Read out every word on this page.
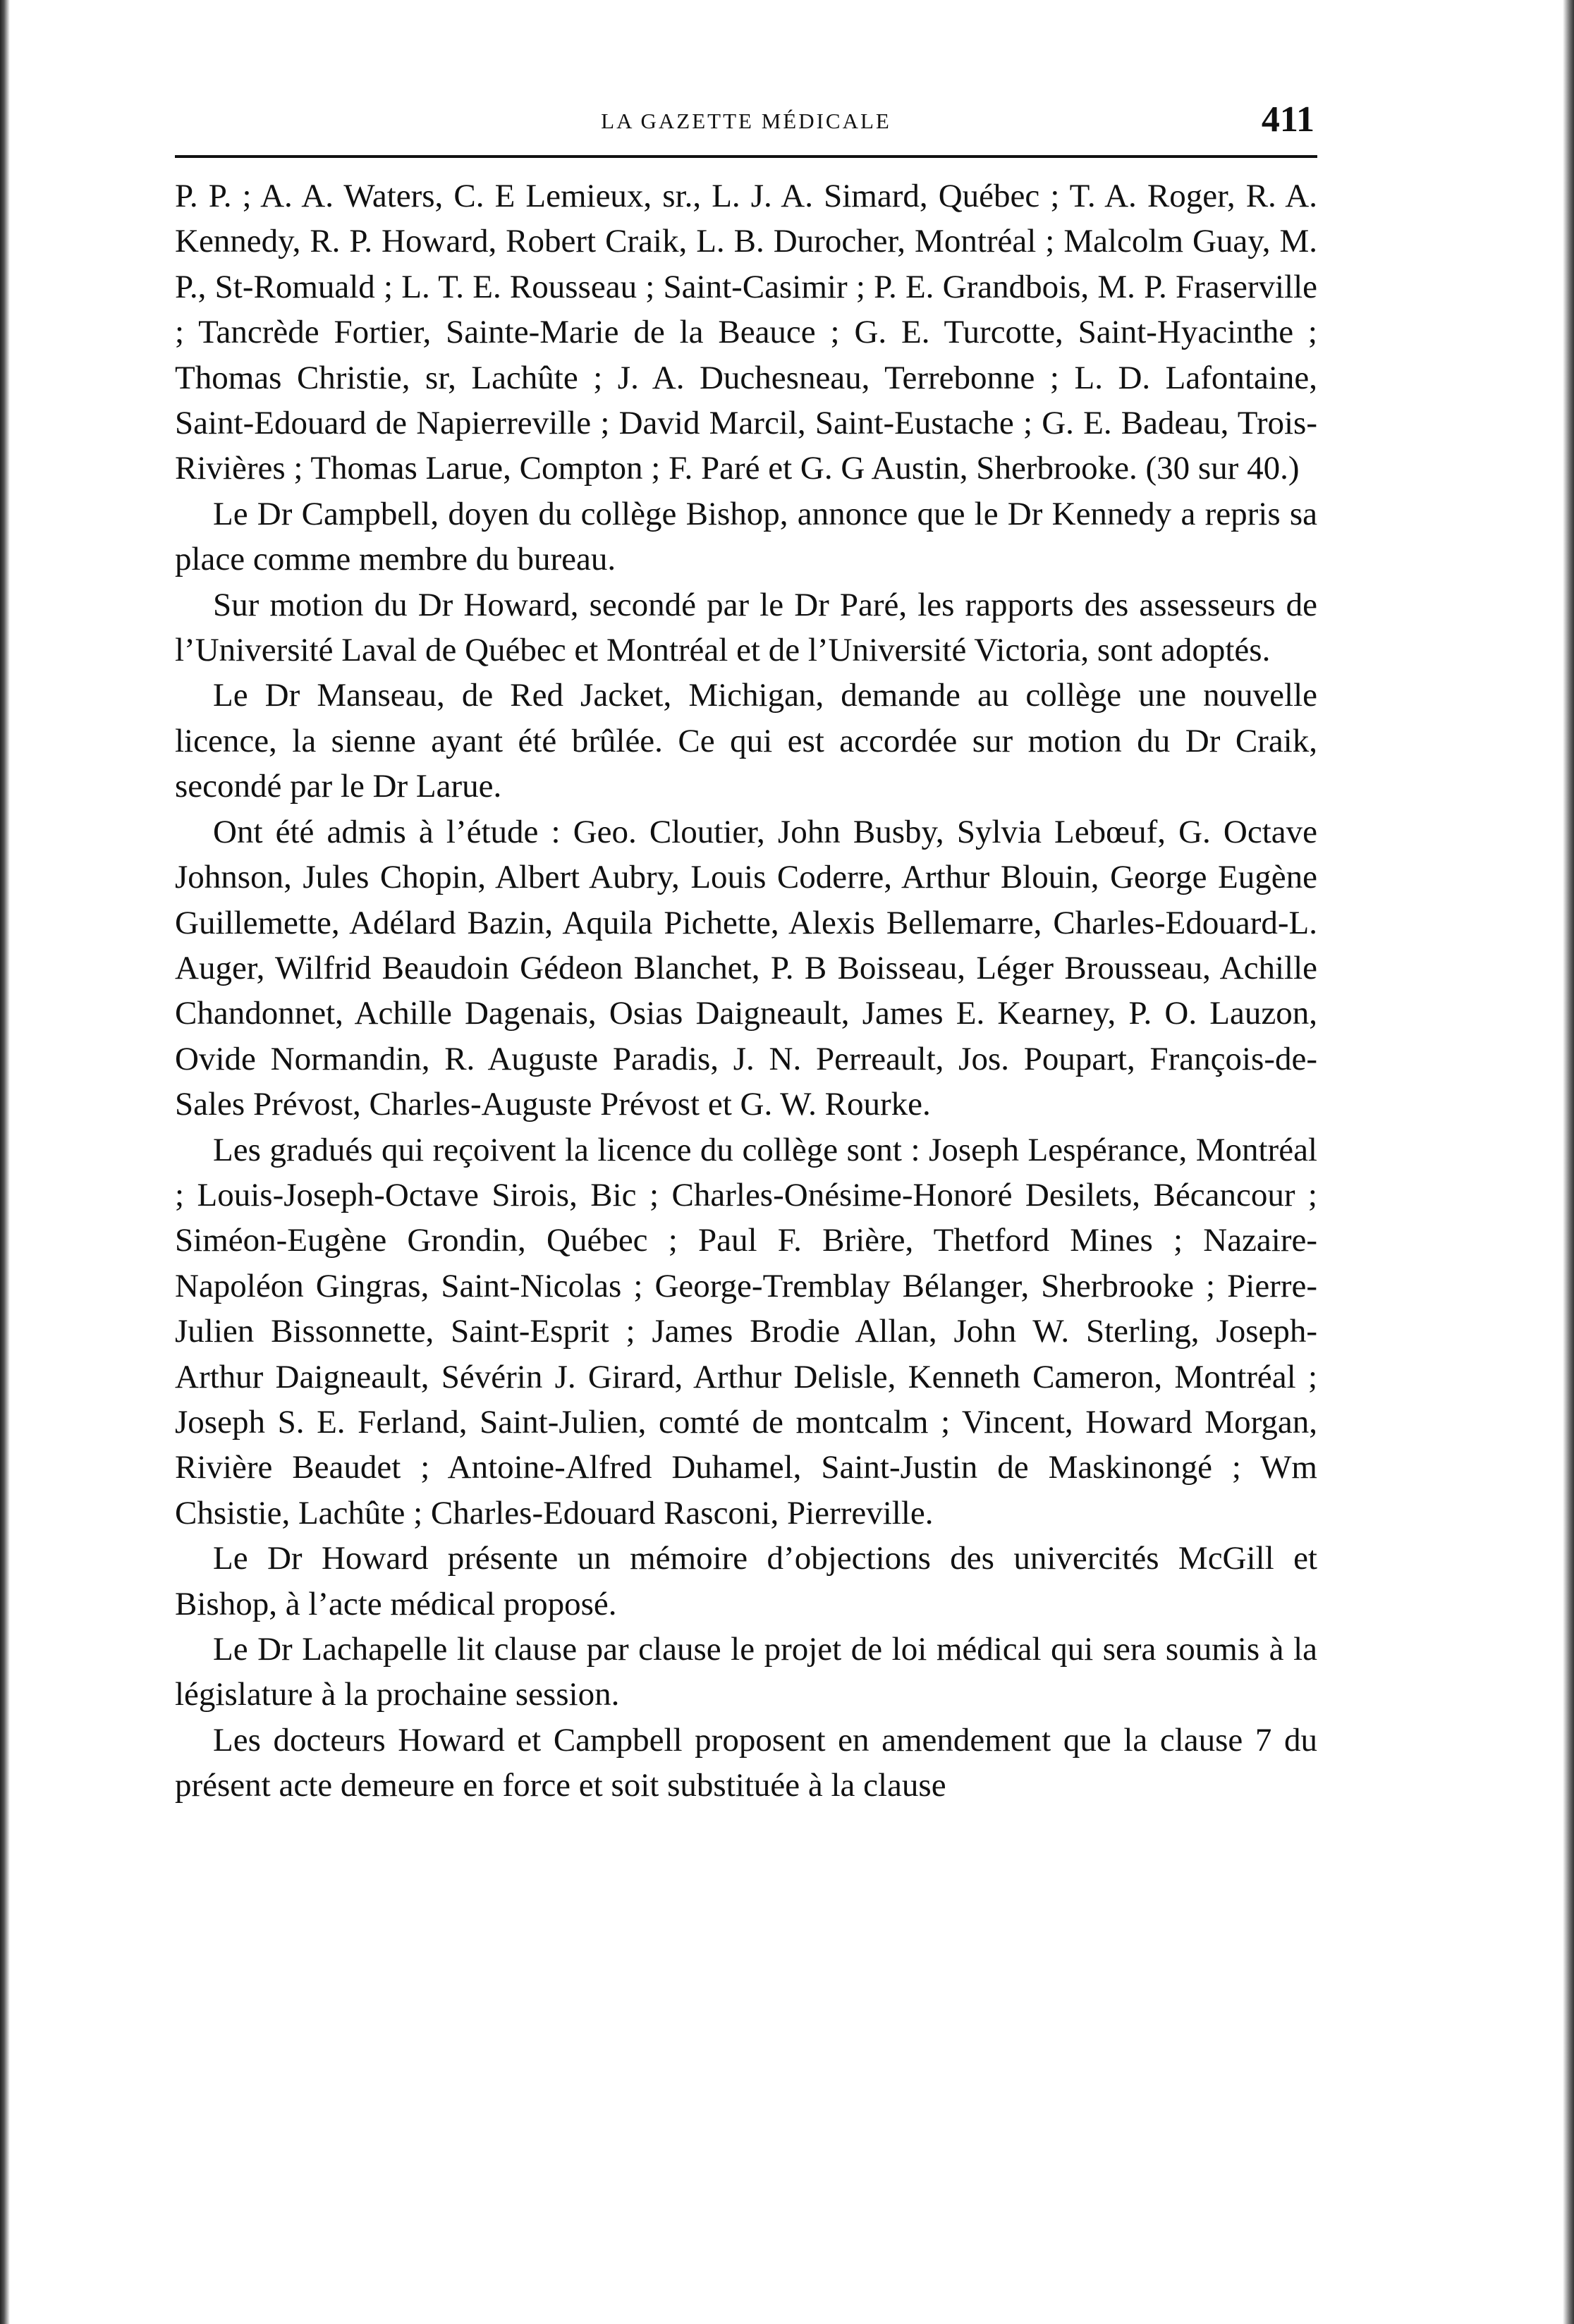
LA GAZETTE MÉDICALE	411

P. P. ; A. A. Waters, C. E Lemieux, sr., L. J. A. Simard, Québec ; T. A. Roger, R. A. Kennedy, R. P. Howard, Robert Craik, L. B. Durocher, Montréal ; Malcolm Guay, M. P., St-Romuald ; L. T. E. Rousseau ; Saint-Casimir ; P. E. Grandbois, M. P. Fraserville ; Tancrède Fortier, Sainte-Marie de la Beauce ; G. E. Turcotte, Saint-Hyacinthe ; Thomas Christie, sr, Lachûte ; J. A. Duchesneau, Terrebonne ; L. D. Lafontaine, Saint-Edouard de Napierreville ; David Marcil, Saint-Eustache ; G. E. Badeau, Trois-Rivières ; Thomas Larue, Compton ; F. Paré et G. G Austin, Sherbrooke. (30 sur 40.)

Le Dr Campbell, doyen du collège Bishop, annonce que le Dr Kennedy a repris sa place comme membre du bureau.

Sur motion du Dr Howard, secondé par le Dr Paré, les rapports des assesseurs de l’Université Laval de Québec et Montréal et de l’Université Victoria, sont adoptés.

Le Dr Manseau, de Red Jacket, Michigan, demande au collège une nouvelle licence, la sienne ayant été brûlée. Ce qui est accordée sur motion du Dr Craik, secondé par le Dr Larue.

Ont été admis à l’étude : Geo. Cloutier, John Busby, Sylvia Lebœuf, G. Octave Johnson, Jules Chopin, Albert Aubry, Louis Coderre, Arthur Blouin, George Eugène Guillemette, Adélard Bazin, Aquila Pichette, Alexis Bellemarre, Charles-Edouard-L. Auger, Wilfrid Beaudoin Gédeon Blanchet, P. B Boisseau, Léger Brousseau, Achille Chandonnet, Achille Dagenais, Osias Daigneault, James E. Kearney, P. O. Lauzon, Ovide Normandin, R. Auguste Paradis, J. N. Perreault, Jos. Poupart, François-de-Sales Prévost, Charles-Auguste Prévost et G. W. Rourke.

Les gradués qui reçoivent la licence du collège sont : Joseph Lespérance, Montréal ; Louis-Joseph-Octave Sirois, Bic ; Charles-Onésime-Honoré Desilets, Bécancour ; Siméon-Eugène Grondin, Québec ; Paul F. Brière, Thetford Mines ; Nazaire-Napoléon Gingras, Saint-Nicolas ; George-Tremblay Bélanger, Sherbrooke ; Pierre-Julien Bissonnette, Saint-Esprit ; James Brodie Allan, John W. Sterling, Joseph-Arthur Daigneault, Sévérin J. Girard, Arthur Delisle, Kenneth Cameron, Montréal ; Joseph S. E. Ferland, Saint-Julien, comté de montcalm ; Vincent, Howard Morgan, Rivière Beaudet ; Antoine-Alfred Duhamel, Saint-Justin de Maskinongé ; Wm Chsistie, Lachûte ; Charles-Edouard Rasconi, Pierreville.

Le Dr Howard présente un mémoire d’objections des univercités McGill et Bishop, à l’acte médical proposé.

Le Dr Lachapelle lit clause par clause le projet de loi médical qui sera soumis à la législature à la prochaine session.

Les docteurs Howard et Campbell proposent en amendement que la clause 7 du présent acte demeure en force et soit substituée à la clause
